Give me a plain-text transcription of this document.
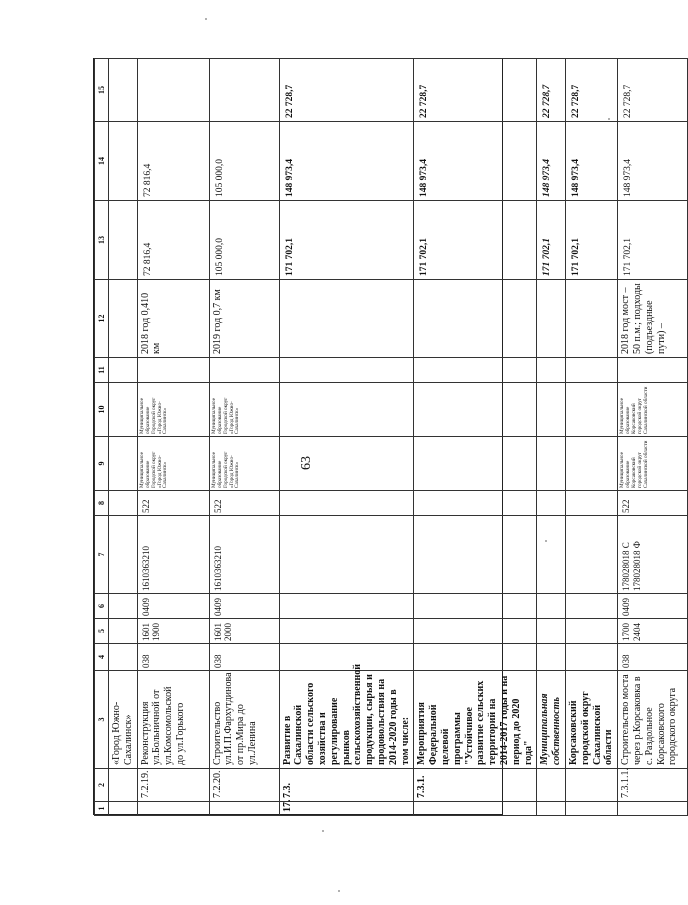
63
1	2	3	4	5	6	7	8	9	10	11	12	13	14	15
		«Город Южно-Сахалинск»												
	7.2.19.	Реконструкция ул.Больничной от ул.Комсомольской до ул.Горького	038	1601 1900	0409	1610363210	522	Муниципальное образование Городской округ «Город Южно-Сахалинск»	Муниципальное образование Городской округ «Город Южно-Сахалинск»		2018 год 0,410 км	72 816,4	72 816,4	
	7.2.20.	Строительство ул.И.П.Фархутдинова от пр.Мира до ул.Ленина	038	1601 2000	0409	1610363210	522	Муниципальное образование Городской округ «Город Южно-Сахалинск»	Муниципальное образование Городской округ «Город Южно-Сахалинск»		2019 год 0,7 км	105 000,0	105 000,0	
17.	7.3.	Развитие в Сахалинской области сельского хозяйства и регулирование рынков сельскохозяйственной продукции, сырья и продовольствия на 2014-2020 годы в том числе:										171 702,1	148 973,4	22 728,7
	7.3.1.	Мероприятия Федеральной целевой программы "Устойчивое развитие сельских территорий на 2014-2017 годы и на период до 2020 года"										171 702,1	148 973,4	22 728,7
		Муниципальная собственность										171 702,1	148 973,4	22 728,7
		Корсаковский городской округ Сахалинской области										171 702,1	148 973,4	22 728,7
	7.3.1.1.	Строительство моста через р.Корсаковка в с. Раздольное Корсаковского городского округа	038	1700 2404	0409	178028018 С 178028018 Ф	522	Муниципальное образование Корсаковский городской округ Сахалинской области	Муниципальное образование Корсаковский городской округ Сахалинской области		2018 год мост – 50 п.м.; подходы (подъездные пути) –	171 702,1	148 973,4	22 728,7
